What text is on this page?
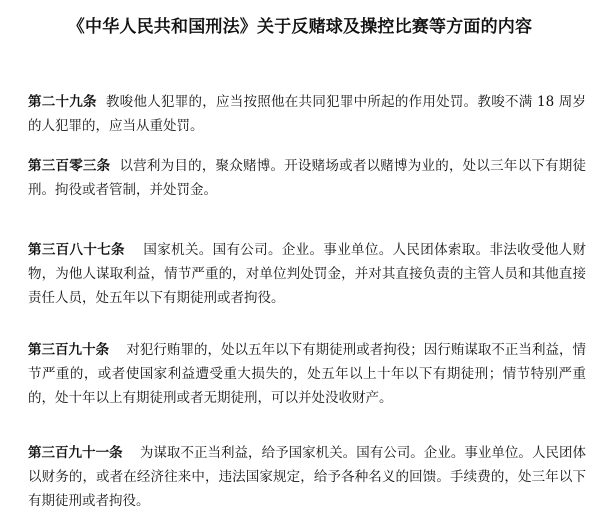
《中华人民共和国刑法》关于反赌球及操控比赛等方面的内容

第二十九条 教唆他人犯罪的，应当按照他在共同犯罪中所起的作用处罚。教唆不满 18 周岁的人犯罪的，应当从重处罚。

第三百零三条 以营利为目的，聚众赌博。开设赌场或者以赌博为业的，处以三年以下有期徒刑。拘役或者管制，并处罚金。

第三百八十七条 国家机关。国有公司。企业。事业单位。人民团体索取。非法收受他人财物，为他人谋取利益，情节严重的，对单位判处罚金，并对其直接负责的主管人员和其他直接责任人员，处五年以下有期徒刑或者拘役。

第三百九十条 对犯行贿罪的，处以五年以下有期徒刑或者拘役；因行贿谋取不正当利益，情节严重的，或者使国家利益遭受重大损失的，处五年以上十年以下有期徒刑；情节特别严重的，处十年以上有期徒刑或者无期徒刑，可以并处没收财产。

第三百九十一条 为谋取不正当利益，给予国家机关。国有公司。企业。事业单位。人民团体以财务的，或者在经济往来中，违法国家规定，给予各种名义的回馈。手续费的，处三年以下有期徒刑或者拘役。
